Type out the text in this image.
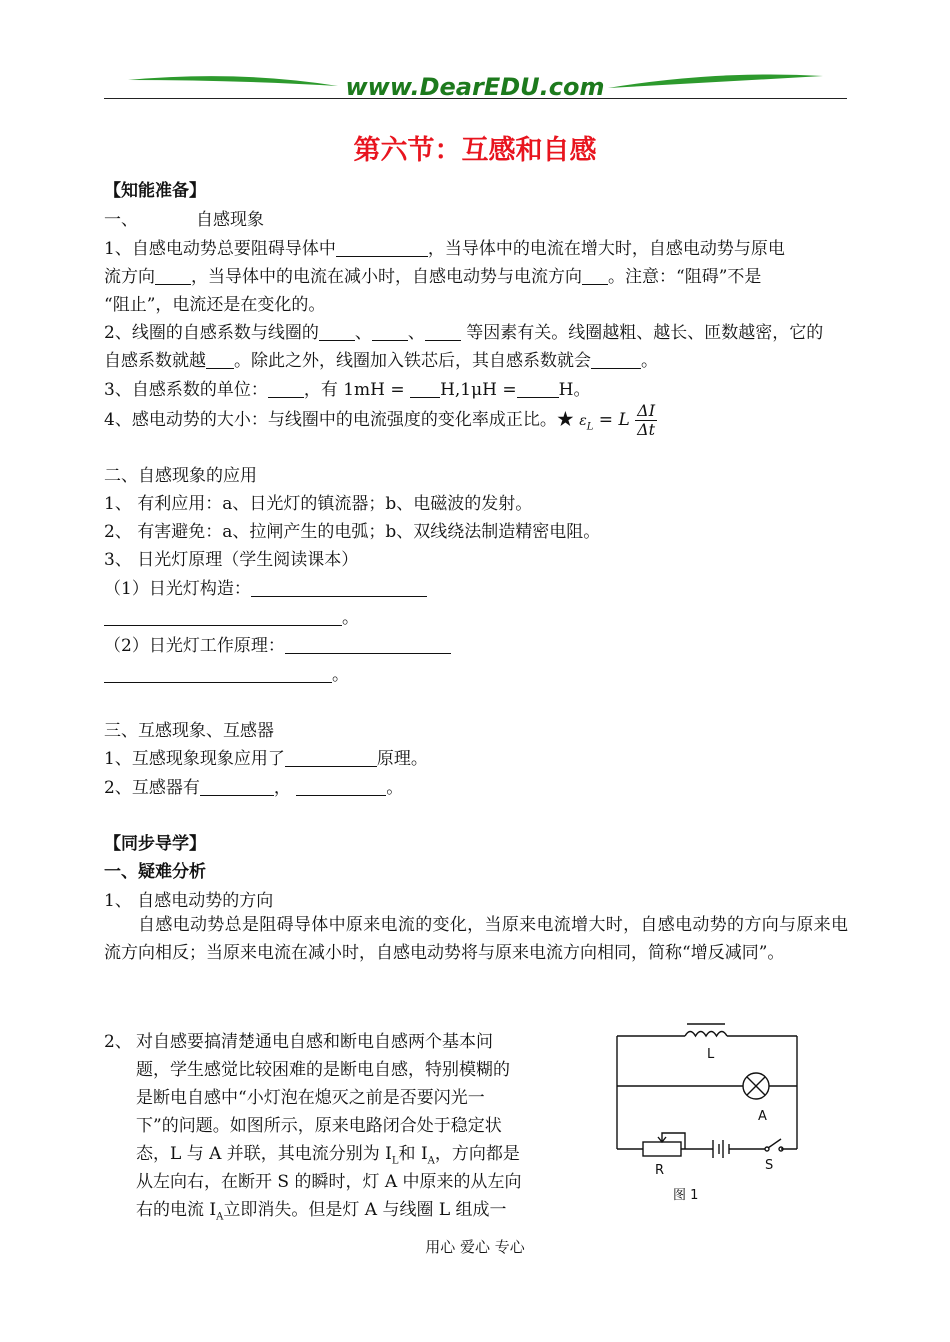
www.DearEDU.com
第六节：互感和自感
【知能准备】
一、	自感现象
1、自感电动势总要阻碍导体中	，当导体中的电流在增大时，自感电动势与原电
流方向 ，当导体中的电流在减小时，自感电动势与电流方向 。注意：“阻碍”不是
“阻止”，电流还是在变化的。
2、线圈的自感系数与线圈的 、 、 等因素有关。线圈越粗、越长、匝数越密，它的
自感系数就越 。除此之外，线圈加入铁芯后，其自感系数就会	。
3、自感系数的单位： ，有 1mH = H,1μH = H。
4、感电动势的大小：与线圈中的电流强度的变化率成正比。★ $\varepsilon_L = L \frac{\Delta I}{\Delta t}$
二、自感现象的应用
1、 有利应用：a、日光灯的镇流器；b、电磁波的发射。
2、 有害避免：a、拉闸产生的电弧；b、双线绕法制造精密电阻。
3、 日光灯原理（学生阅读课本）
（1）日光灯构造：
。
（2）日光灯工作原理：
。
三、互感现象、互感器
1、互感现象现象应用了	原理。
2、互感器有	，	。
【同步导学】
一、疑难分析
1、 自感电动势的方向
自感电动势总是阻碍导体中原来电流的变化，当原来电流增大时，自感电动势的方向与原来电流方向相反；当原来电流在减小时，自感电动势将与原来电流方向相同，简称“增反减同”。
2、 对自感要搞清楚通电自感和断电自感两个基本问
题，学生感觉比较困难的是断电自感，特别模糊的
是断电自感中“小灯泡在熄灭之前是否要闪光一
下”的问题。如图所示，原来电路闭合处于稳定状
态，L 与 A 并联，其电流分别为 $I_L$和 $I_A$，方向都是
从左向右，在断开 S 的瞬时，灯 A 中原来的从左向
右的电流 $I_A$立即消失。但是灯 A 与线圈 L 组成一
L
A
R	S
图 1
用心 爱心 专心
